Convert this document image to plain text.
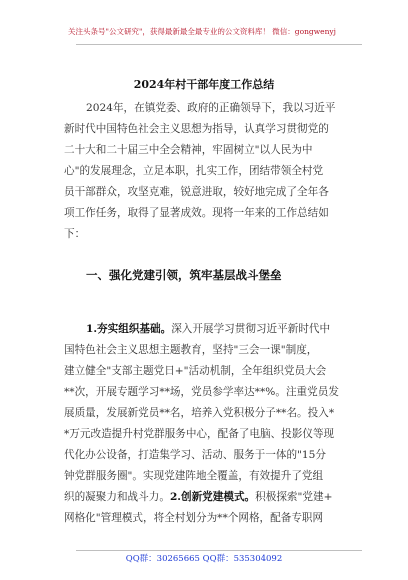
关注头条号"公文研究"，获得最新最全最专业的公文资料库！ 微信：gongwenyj
2024年村干部年度工作总结
2024年，在镇党委、政府的正确领导下，我以习近平
新时代中国特色社会主义思想为指导，认真学习贯彻党的
二十大和二十届三中全会精神，牢固树立"以人民为中
心"的发展理念，立足本职，扎实工作，团结带领全村党
员干部群众，攻坚克难，锐意进取，较好地完成了全年各
项工作任务，取得了显著成效。现将一年来的工作总结如
下：
一、强化党建引领，筑牢基层战斗堡垒
1.夯实组织基础。深入开展学习贯彻习近平新时代中
国特色社会主义思想主题教育，坚持"三会一课"制度，
建立健全"支部主题党日+"活动机制，全年组织党员大会
**次，开展专题学习**场，党员参学率达**%。注重党员发
展质量，发展新党员**名，培养入党积极分子**名。投入*
*万元改造提升村党群服务中心，配备了电脑、投影仪等现
代化办公设备，打造集学习、活动、服务于一体的"15分
钟党群服务圈"。实现党建阵地全覆盖，有效提升了党组
织的凝聚力和战斗力。2.创新党建模式。积极探索"党建+
网格化"管理模式，将全村划分为**个网格，配备专职网
QQ群：30265665 QQ群：535304092
